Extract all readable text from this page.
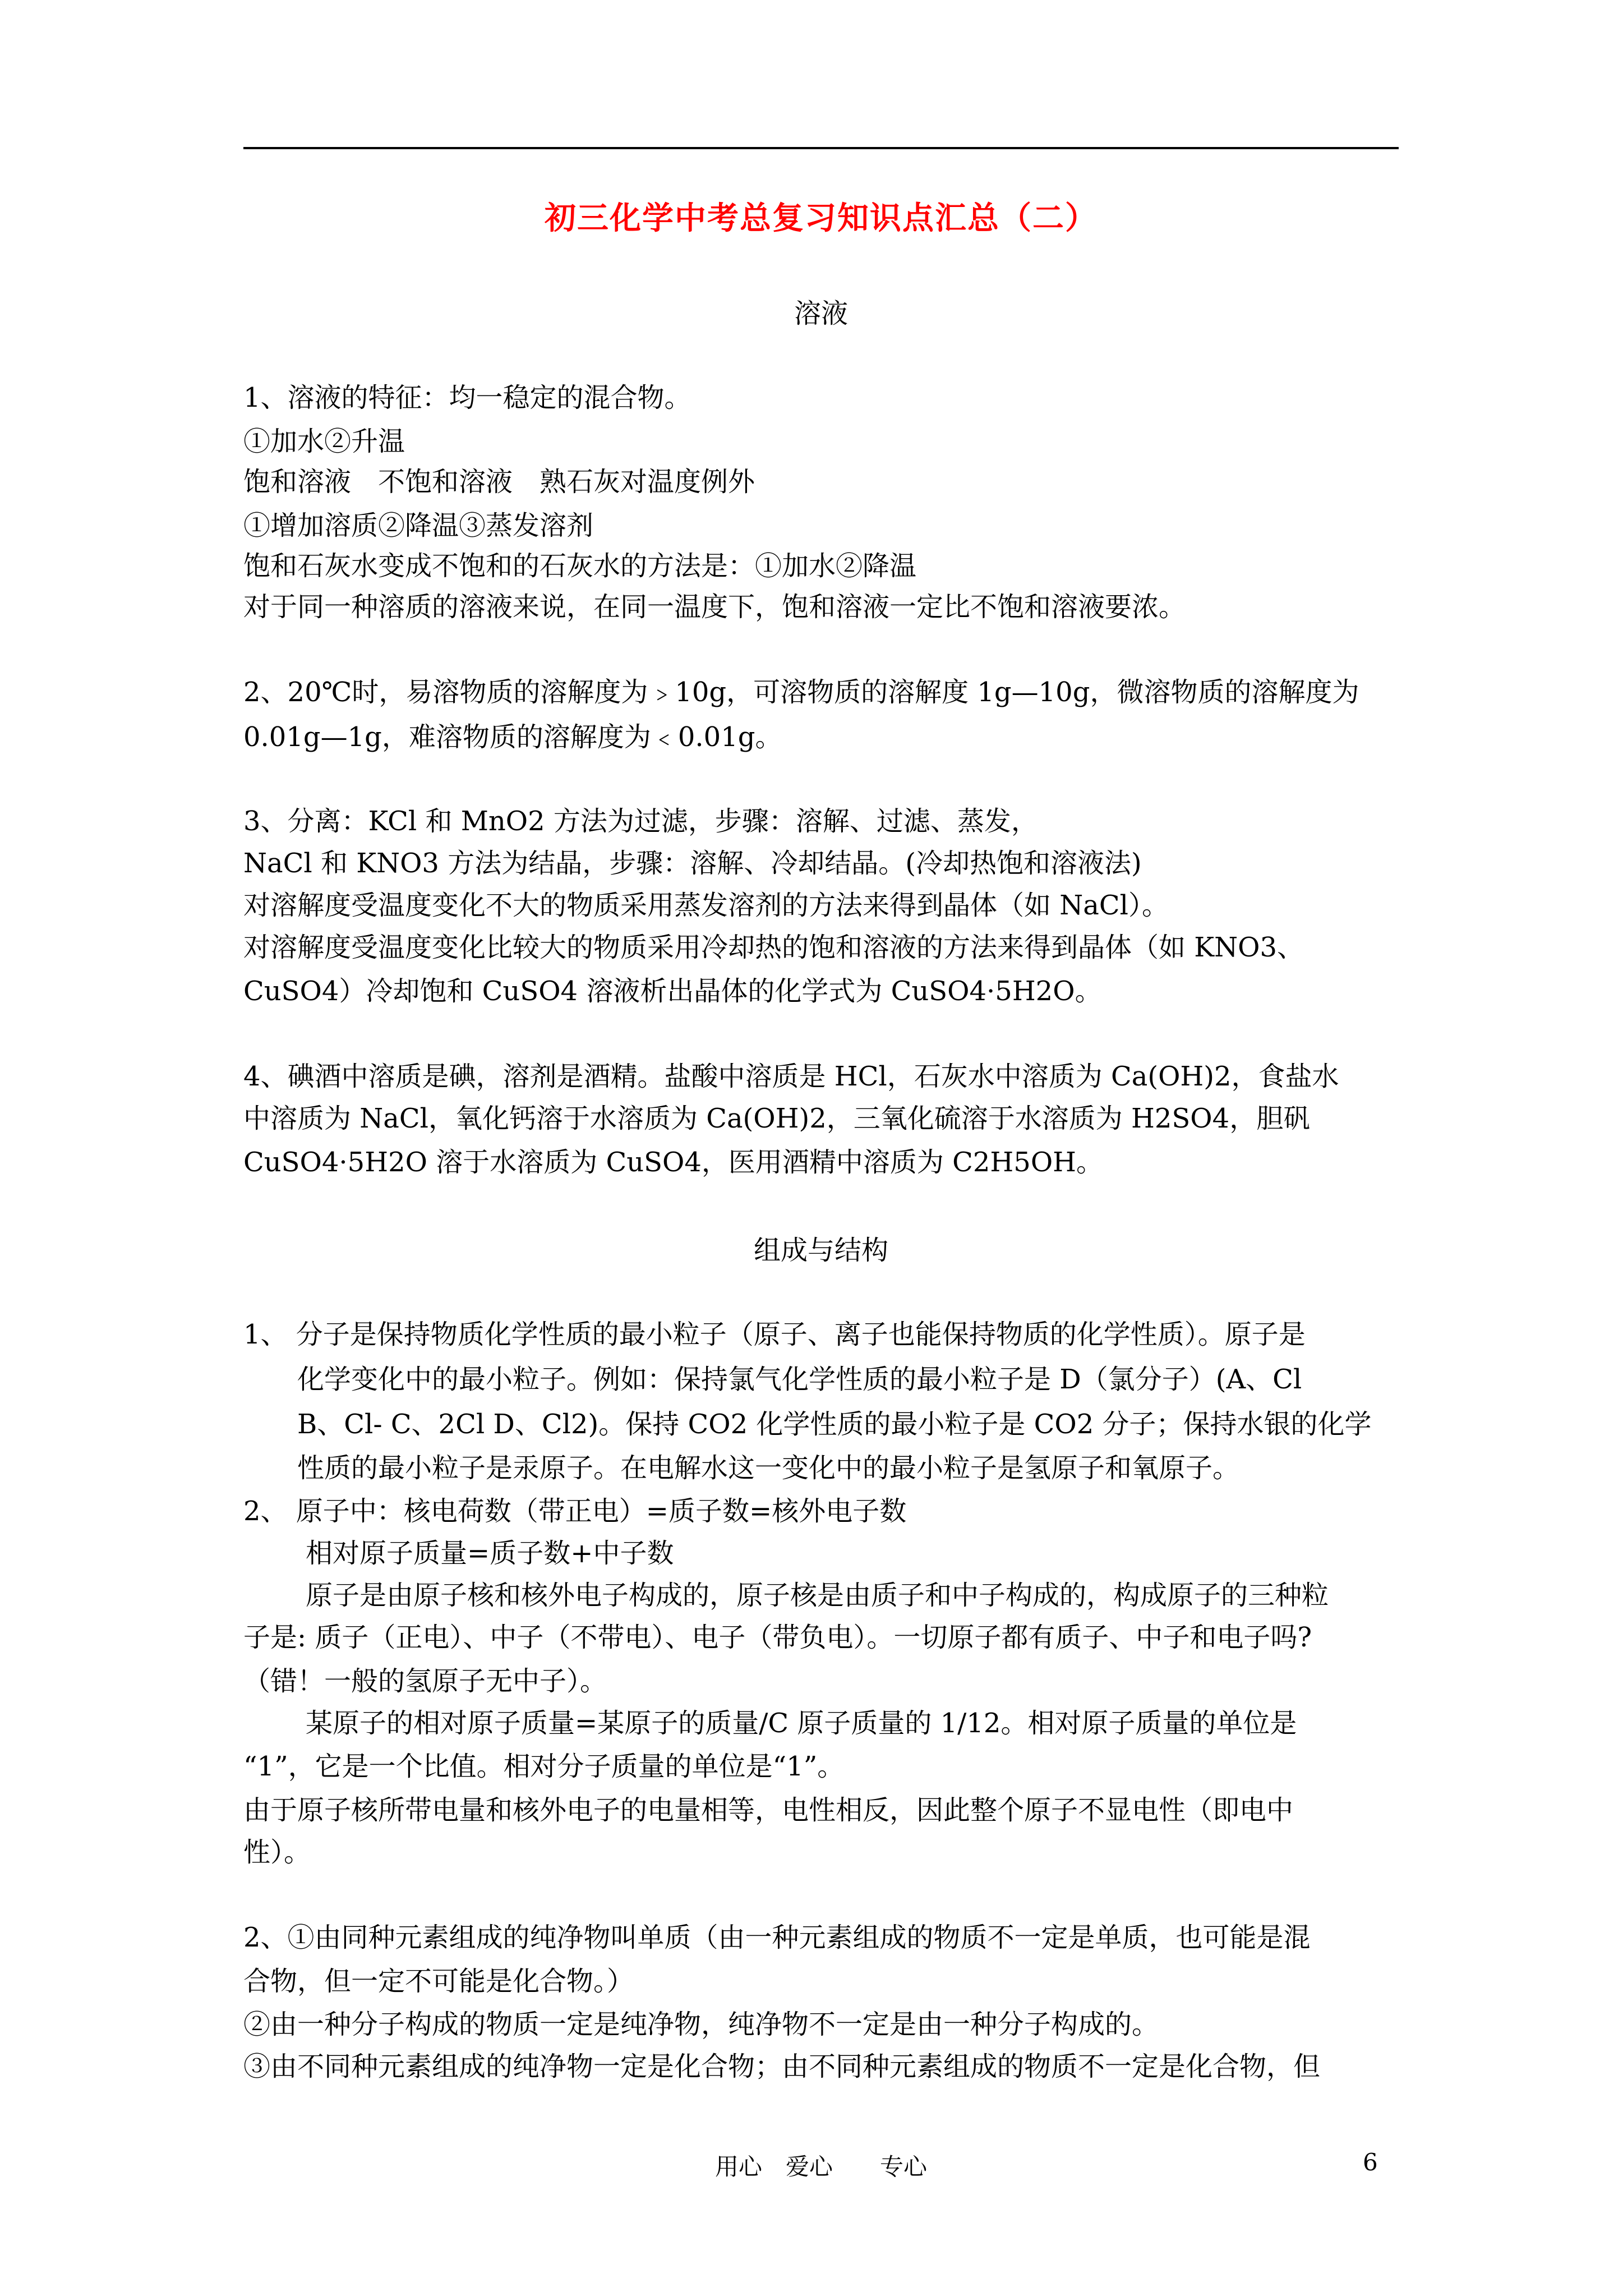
初三化学中考总复习知识点汇总（二）
溶液
1、溶液的特征：均一稳定的混合物。
①加水②升温
饱和溶液　不饱和溶液　熟石灰对温度例外
①增加溶质②降温③蒸发溶剂
饱和石灰水变成不饱和的石灰水的方法是：①加水②降温
对于同一种溶质的溶液来说，在同一温度下，饱和溶液一定比不饱和溶液要浓。
2、20℃时，易溶物质的溶解度为﹥10g，可溶物质的溶解度 1g—10g，微溶物质的溶解度为
0.01g—1g，难溶物质的溶解度为﹤0.01g。
3、分离：KCl 和 MnO2 方法为过滤，步骤：溶解、过滤、蒸发，
NaCl 和 KNO3 方法为结晶，步骤：溶解、冷却结晶。(冷却热饱和溶液法)
对溶解度受温度变化不大的物质采用蒸发溶剂的方法来得到晶体（如 NaCl）。
对溶解度受温度变化比较大的物质采用冷却热的饱和溶液的方法来得到晶体（如 KNO3、
CuSO4）冷却饱和 CuSO4 溶液析出晶体的化学式为 CuSO4·5H2O。
4、碘酒中溶质是碘，溶剂是酒精。盐酸中溶质是 HCl，石灰水中溶质为 Ca(OH)2，食盐水
中溶质为 NaCl，氧化钙溶于水溶质为 Ca(OH)2，三氧化硫溶于水溶质为 H2SO4，胆矾
CuSO4·5H2O 溶于水溶质为 CuSO4，医用酒精中溶质为 C2H5OH。
组成与结构
1、 分子是保持物质化学性质的最小粒子（原子、离子也能保持物质的化学性质）。原子是
化学变化中的最小粒子。例如：保持氯气化学性质的最小粒子是 D（氯分子）(A、Cl
B、Cl- C、2Cl D、Cl2)。保持 CO2 化学性质的最小粒子是 CO2 分子；保持水银的化学
性质的最小粒子是汞原子。在电解水这一变化中的最小粒子是氢原子和氧原子。
2、 原子中：核电荷数（带正电）=质子数=核外电子数
相对原子质量=质子数+中子数
原子是由原子核和核外电子构成的，原子核是由质子和中子构成的，构成原子的三种粒
子是: 质子（正电）、中子（不带电）、电子（带负电）。一切原子都有质子、中子和电子吗?
（错！一般的氢原子无中子）。
某原子的相对原子质量=某原子的质量/C 原子质量的 1/12。相对原子质量的单位是
“1”，它是一个比值。相对分子质量的单位是“1”。
由于原子核所带电量和核外电子的电量相等，电性相反，因此整个原子不显电性（即电中
性）。
2、①由同种元素组成的纯净物叫单质（由一种元素组成的物质不一定是单质，也可能是混
合物，但一定不可能是化合物。）
②由一种分子构成的物质一定是纯净物，纯净物不一定是由一种分子构成的。
③由不同种元素组成的纯净物一定是化合物；由不同种元素组成的物质不一定是化合物，但
用心　爱心　　专心	6
